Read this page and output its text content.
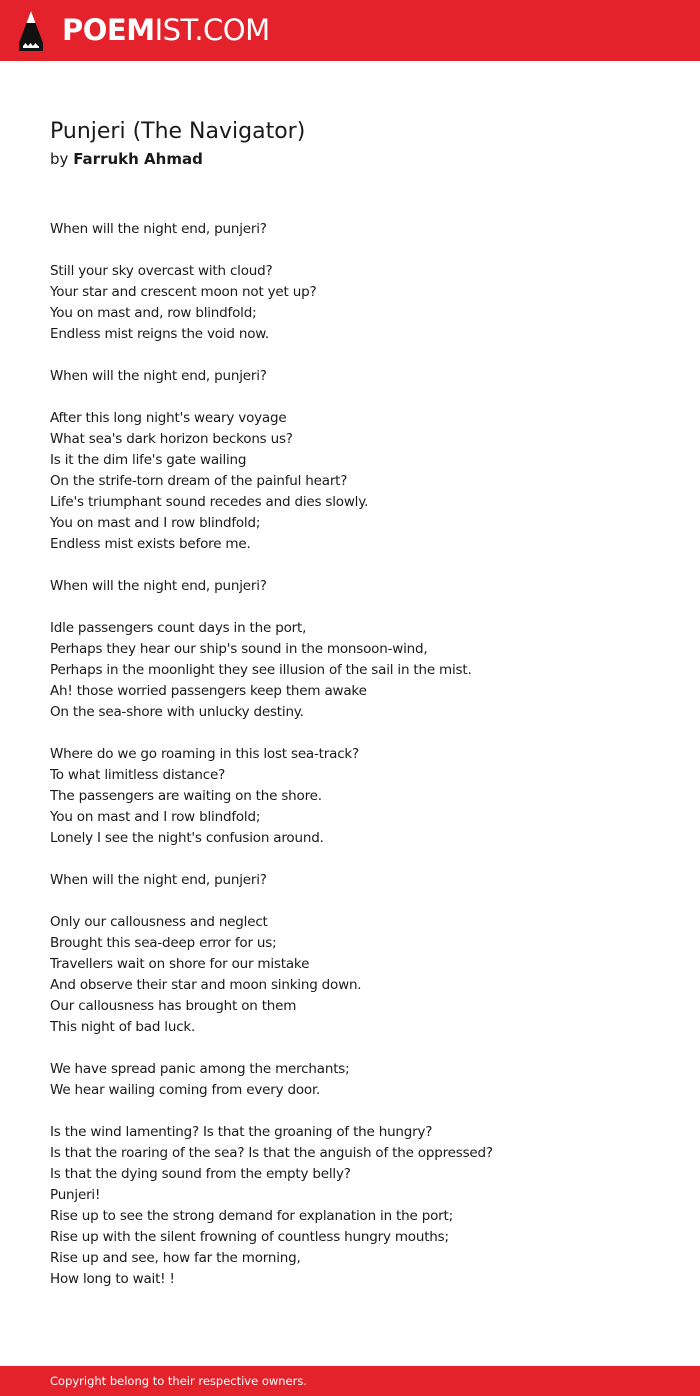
POEMIST.COM
Punjeri (The Navigator)
by Farrukh Ahmad
When will the night end, punjeri?
Still your sky overcast with cloud?
Your star and crescent moon not yet up?
You on mast and, row blindfold;
Endless mist reigns the void now.
When will the night end, punjeri?
After this long night's weary voyage
What sea's dark horizon beckons us?
Is it the dim life's gate wailing
On the strife-torn dream of the painful heart?
Life's triumphant sound recedes and dies slowly.
You on mast and I row blindfold;
Endless mist exists before me.
When will the night end, punjeri?
Idle passengers count days in the port,
Perhaps they hear our ship's sound in the monsoon-wind,
Perhaps in the moonlight they see illusion of the sail in the mist.
Ah! those worried passengers keep them awake
On the sea-shore with unlucky destiny.
Where do we go roaming in this lost sea-track?
To what limitless distance?
The passengers are waiting on the shore.
You on mast and I row blindfold;
Lonely I see the night's confusion around.
When will the night end, punjeri?
Only our callousness and neglect
Brought this sea-deep error for us;
Travellers wait on shore for our mistake
And observe their star and moon sinking down.
Our callousness has brought on them
This night of bad luck.
We have spread panic among the merchants;
We hear wailing coming from every door.
Is the wind lamenting? Is that the groaning of the hungry?
Is that the roaring of the sea? Is that the anguish of the oppressed?
Is that the dying sound from the empty belly?
Punjeri!
Rise up to see the strong demand for explanation in the port;
Rise up with the silent frowning of countless hungry mouths;
Rise up and see, how far the morning,
How long to wait! !
Copyright belong to their respective owners.
